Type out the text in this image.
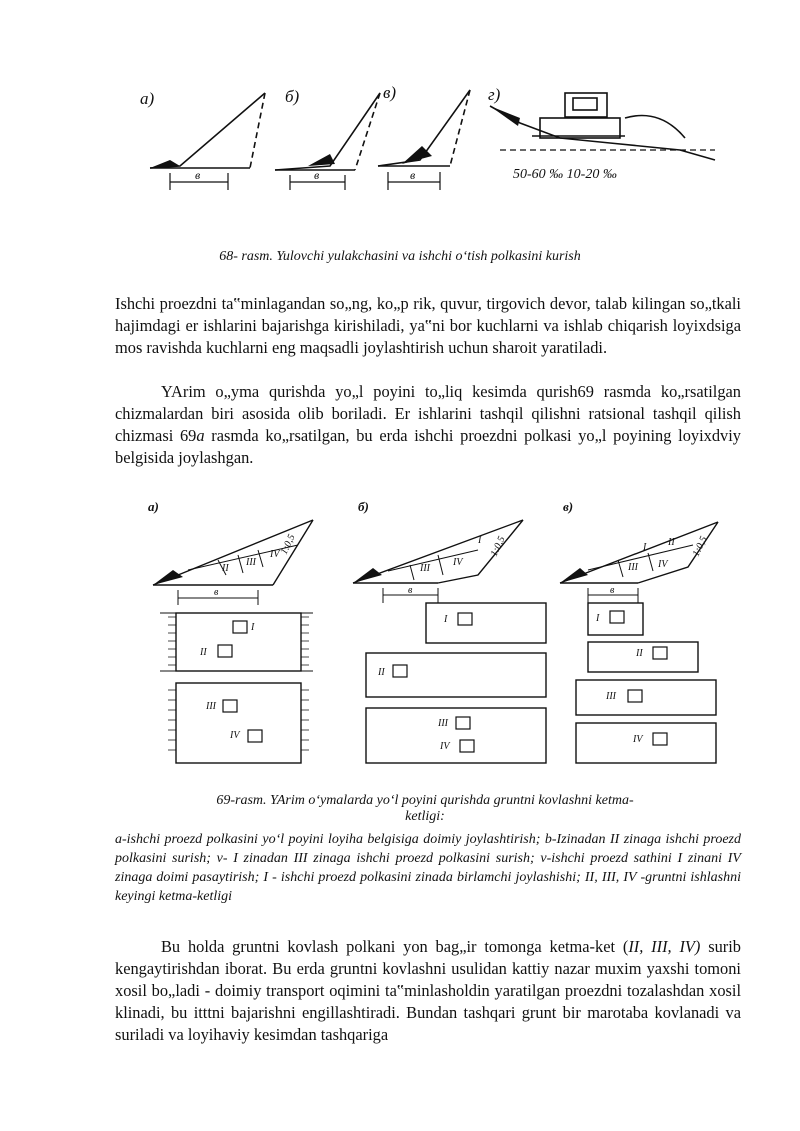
а)	б)	в)	г)
в	в	в	50-60 ‰ 10-20 ‰
68- rasm. Yulovchi yulakchasini va ishchi o‘tish polkasini kurish
Ishchi proezdni ta‟minlagandan so„ng, ko„p rik, quvur, tirgovich devor, talab kilingan so„tkali hajimdagi er ishlarini bajarishga kirishiladi, ya‟ni bor kuchlarni va ishlab chiqarish loyixdsiga mos ravishda kuchlarni eng maqsadli joylashtirish uchun sharoit yaratiladi.
YArim o„yma qurishda yo„l poyini to„liq kesimda qurish69 rasmda ko„rsatilgan chizmalardan biri asosida olib boriladi. Er ishlarini tashqil qilishni ratsional tashqil qilish chizmasi 69a rasmda ko„rsatilgan, bu erda ishchi proezdni polkasi yo„l poyining loyixdviy belgisida joylashgan.
а)	б)	в)
1:0,5	1:0,5	1:0,5
в	в	в
II
III
IV
I
III
IV
I II
III IV
I
II
III
IV
I
II
III
IV
I
II
III
IV
69-rasm. YArim o‘ymalarda yo‘l poyini qurishda gruntni kovlashni ketma-
ketligi:
a-ishchi proezd polkasini yo‘l poyini loyiha belgisiga doimiy joylashtirish; b-Izinadan II zinaga ishchi proezd polkasini surish; v- I zinadan III zinaga ishchi proezd polkasini surish; v-ishchi proezd sathini I zinani IV zinaga doimi pasaytirish; I - ishchi proezd polkasini zinada birlamchi joylashishi; II, III, IV -gruntni ishlashni keyingi ketma-ketligi
Bu holda gruntni kovlash polkani yon bag„ir tomonga ketma-ket (II, III, IV) surib kengaytirishdan iborat. Bu erda gruntni kovlashni usulidan kattiy nazar muxim yaxshi tomoni xosil bo„ladi - doimiy transport oqimini ta‟minlasholdin yaratilgan proezdni tozalashdan xosil klinadi, bu itttni bajarishni engillashtiradi. Bundan tashqari grunt bir marotaba kovlanadi va suriladi va loyihaviy kesimdan tashqariga
